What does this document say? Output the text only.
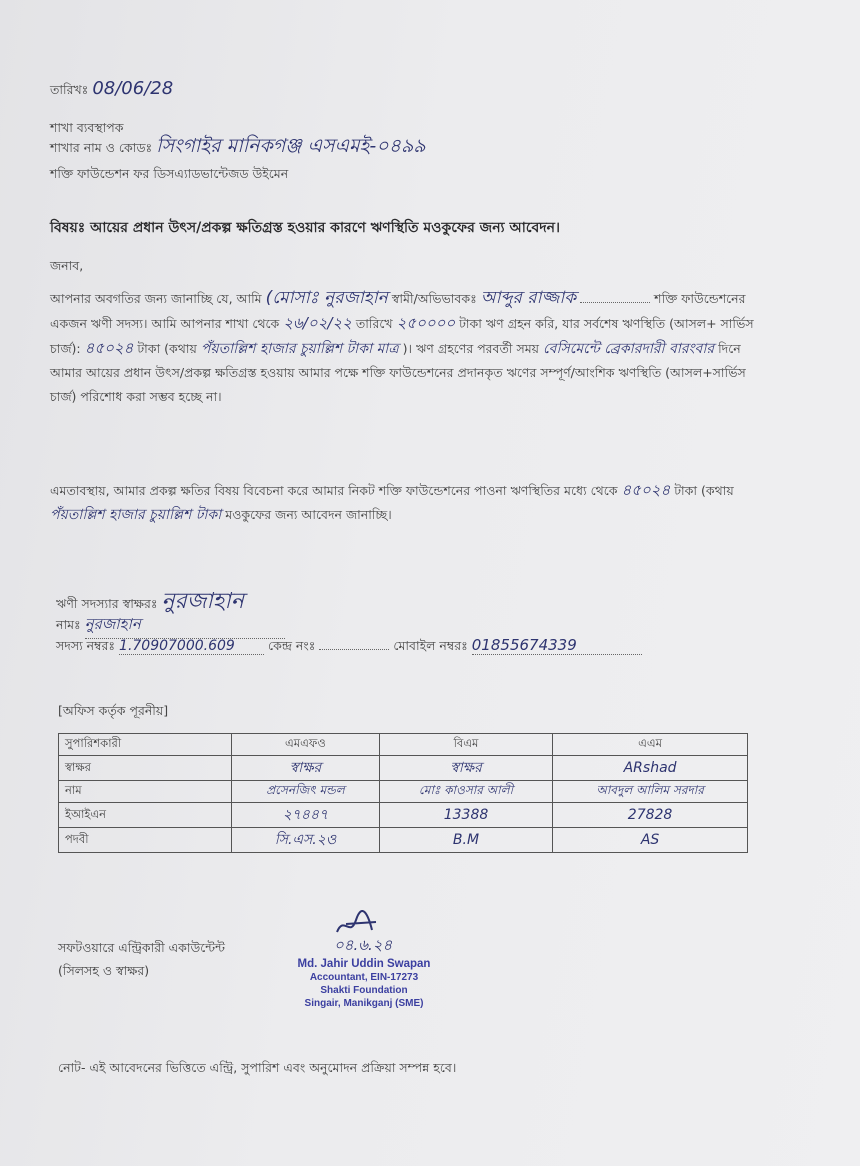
তারিখঃ 08/06/28
শাখা ব্যবস্থাপক
শাখার নাম ও কোডঃ সিংগাইর মানিকগঞ্জ এসএমই-০৪৯৯
শক্তি ফাউন্ডেশন ফর ডিসএ্যাডভান্টেজড উইমেন
বিষয়ঃ আয়ের প্রধান উৎস/প্রকল্প ক্ষতিগ্রস্ত হওয়ার কারণে ঋণস্থিতি মওকুফের জন্য আবেদন।
জনাব,
আপনার অবগতির জন্য জানাচ্ছি যে, আমি (মোসাঃ নুরজাহান স্বামী/অভিভাবকঃ আব্দুর রাজ্জাক	শক্তি ফাউন্ডেশনের একজন ঋণী সদস্য। আমি আপনার শাখা থেকে ২৬/০২/২২ তারিখে ২৫০০০০ টাকা ঋণ গ্রহন করি, যার সর্বশেষ ঋণস্থিতি (আসল+ সার্ভিস চার্জ): ৪৫০২৪ টাকা (কথায় পঁয়তাল্লিশ হাজার চুয়াল্লিশ টাকা মাত্র )। ঋণ গ্রহণের পরবর্তী সময় বেসিমেন্টে ব্রেকারদারী বারংবার দিনে আমার আয়ের প্রধান উৎস/প্রকল্প ক্ষতিগ্রস্ত হওয়ায় আমার পক্ষে শক্তি ফাউন্ডেশনের প্রদানকৃত ঋণের সম্পূর্ণ/আংশিক ঋণস্থিতি (আসল+সার্ভিস চার্জ) পরিশোধ করা সম্ভব হচ্ছে না।
এমতাবস্থায়, আমার প্রকল্প ক্ষতির বিষয় বিবেচনা করে আমার নিকট শক্তি ফাউন্ডেশনের পাওনা ঋণস্থিতির মধ্যে থেকে ৪৫০২৪ টাকা (কথায় পঁয়তাল্লিশ হাজার চুয়াল্লিশ টাকা মওকুফের জন্য আবেদন জানাচ্ছি।
ঋণী সদস্যার স্বাক্ষরঃ নুরজাহান
নামঃ নুরজাহান
সদস্য নম্বরঃ 1.70907000.609	কেন্দ্র নংঃ	মোবাইল নম্বরঃ 01855674339
[অফিস কর্তৃক পূরনীয়]
সুপারিশকারী	এমএফও	বিএম	এএম
স্বাক্ষর	স্বাক্ষর	স্বাক্ষর	ARshad
নাম	প্রসেনজিৎ মন্ডল	মোঃ কাওসার আলী	আবদুল আলিম সরদার
ইআইএন	২৭৪৪৭	13388	27828
পদবী	সি.এস.২ও	B.M	AS
সফটওয়ারে এন্ট্রিকারী একাউন্টেন্ট
(সিলসহ ও স্বাক্ষর)
০৪.৬.২৪
Md. Jahir Uddin Swapan
Accountant, EIN-17273
Shakti Foundation
Singair, Manikganj (SME)
নোট- এই আবেদনের ভিত্তিতে এন্ট্রি, সুপারিশ এবং অনুমোদন প্রক্রিয়া সম্পন্ন হবে।
